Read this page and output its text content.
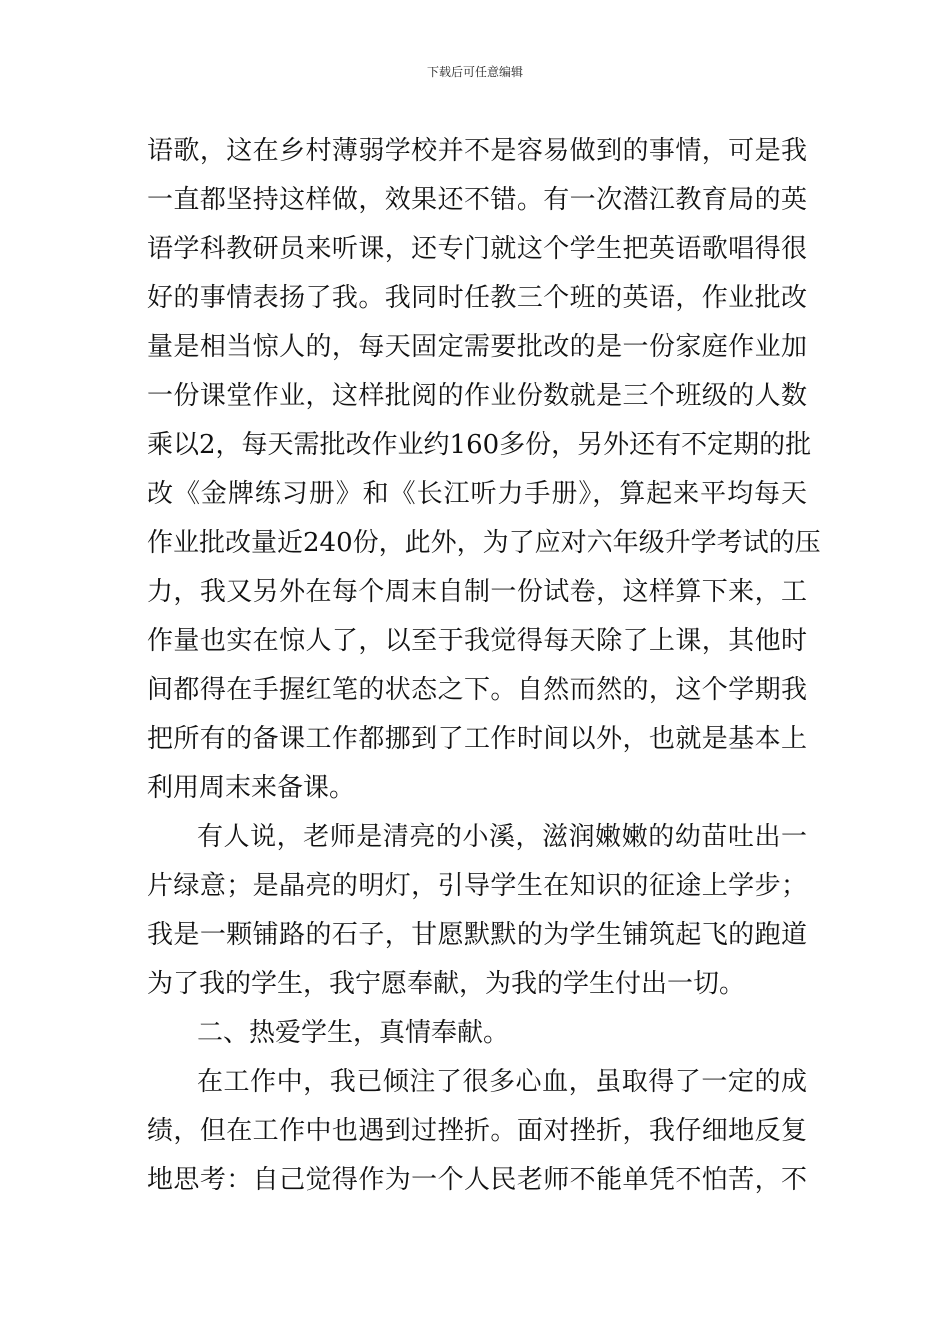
下载后可任意编辑
语歌，这在乡村薄弱学校并不是容易做到的事情，可是我
一直都坚持这样做，效果还不错。有一次潜江教育局的英
语学科教研员来听课，还专门就这个学生把英语歌唱得很
好的事情表扬了我。我同时任教三个班的英语，作业批改
量是相当惊人的，每天固定需要批改的是一份家庭作业加
一份课堂作业，这样批阅的作业份数就是三个班级的人数
乘以2，每天需批改作业约160多份，另外还有不定期的批
改《金牌练习册》和《长江听力手册》，算起来平均每天
作业批改量近240份，此外，为了应对六年级升学考试的压
力，我又另外在每个周末自制一份试卷，这样算下来，工
作量也实在惊人了，以至于我觉得每天除了上课，其他时
间都得在手握红笔的状态之下。自然而然的，这个学期我
把所有的备课工作都挪到了工作时间以外，也就是基本上
利用周末来备课。
有人说，老师是清亮的小溪，滋润嫩嫩的幼苗吐出一
片绿意；是晶亮的明灯，引导学生在知识的征途上学步；
我是一颗铺路的石子，甘愿默默的为学生铺筑起飞的跑道
为了我的学生，我宁愿奉献，为我的学生付出一切。
二、热爱学生，真情奉献。
在工作中，我已倾注了很多心血，虽取得了一定的成
绩，但在工作中也遇到过挫折。面对挫折，我仔细地反复
地思考：自己觉得作为一个人民老师不能单凭不怕苦，不
